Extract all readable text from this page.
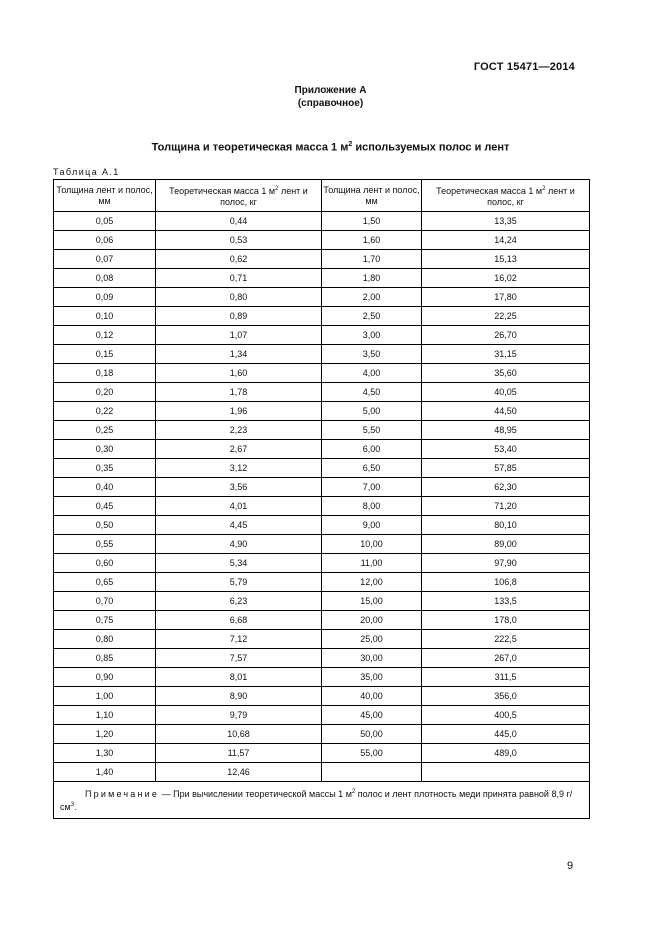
ГОСТ 15471—2014
Приложение А
(справочное)
Толщина и теоретическая масса 1 $м^2$ используемых полос и лент
Таблица А.1
Толщина лент и полос, мм	Теоретическая масса 1 $м^2$ лент и полос, кг	Толщина лент и полос, мм	Теоретическая масса 1 $м^2$ лент и полос, кг
0,05	0,44	1,50	13,35
0,06	0,53	1,60	14,24
0,07	0,62	1,70	15,13
0,08	0,71	1,80	16,02
0,09	0,80	2,00	17,80
0,10	0,89	2,50	22,25
0,12	1,07	3,00	26,70
0,15	1,34	3,50	31,15
0,18	1,60	4,00	35,60
0,20	1,78	4,50	40,05
0,22	1,96	5,00	44,50
0,25	2,23	5,50	48,95
0,30	2,67	6,00	53,40
0,35	3,12	6,50	57,85
0,40	3,56	7,00	62,30
0,45	4,01	8,00	71,20
0,50	4,45	9,00	80,10
0,55	4,90	10,00	89,00
0,60	5,34	11,00	97,90
0,65	5,79	12,00	106,8
0,70	6,23	15,00	133,5
0,75	6,68	20,00	178,0
0,80	7,12	25,00	222,5
0,85	7,57	30,00	267,0
0,90	8,01	35,00	311,5
1,00	8,90	40,00	356,0
1,10	9,79	45,00	400,5
1,20	10,68	50,00	445,0
1,30	11,57	55,00	489,0
1,40	12,46		
Примечание — При вычислении теоретической массы 1 $м^2$ полос и лент плотность меди принята равной 8,9 $г/см^3$.			
9
